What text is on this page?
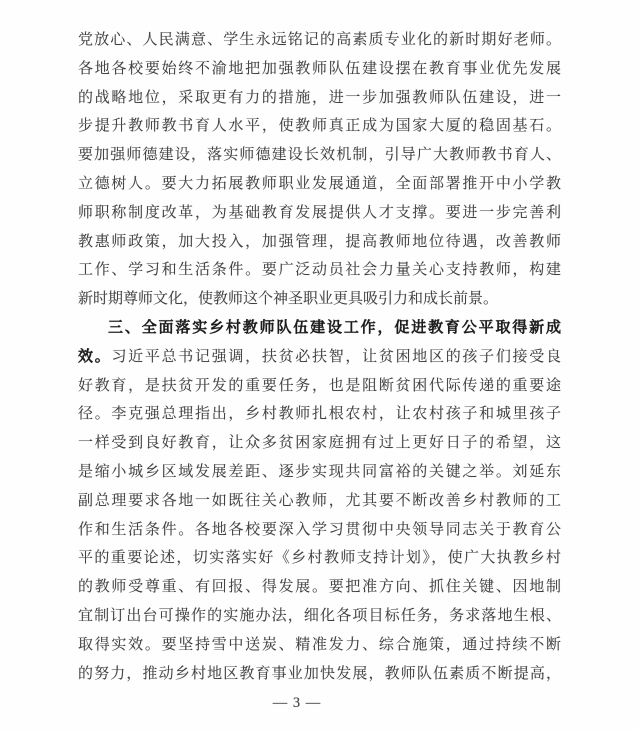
党放心、人民满意、学生永远铭记的高素质专业化的新时期好老师。
各地各校要始终不渝地把加强教师队伍建设摆在教育事业优先发展
的战略地位，采取更有力的措施，进一步加强教师队伍建设，进一
步提升教师教书育人水平，使教师真正成为国家大厦的稳固基石。
要加强师德建设，落实师德建设长效机制，引导广大教师教书育人、
立德树人。要大力拓展教师职业发展通道，全面部署推开中小学教
师职称制度改革，为基础教育发展提供人才支撑。要进一步完善利
教惠师政策，加大投入，加强管理，提高教师地位待遇，改善教师
工作、学习和生活条件。要广泛动员社会力量关心支持教师，构建
新时期尊师文化，使教师这个神圣职业更具吸引力和成长前景。
三、全面落实乡村教师队伍建设工作，促进教育公平取得新成
效。习近平总书记强调，扶贫必扶智，让贫困地区的孩子们接受良
好教育，是扶贫开发的重要任务，也是阻断贫困代际传递的重要途
径。李克强总理指出，乡村教师扎根农村，让农村孩子和城里孩子
一样受到良好教育，让众多贫困家庭拥有过上更好日子的希望，这
是缩小城乡区域发展差距、逐步实现共同富裕的关键之举。刘延东
副总理要求各地一如既往关心教师，尤其要不断改善乡村教师的工
作和生活条件。各地各校要深入学习贯彻中央领导同志关于教育公
平的重要论述，切实落实好《乡村教师支持计划》，使广大执教乡村
的教师受尊重、有回报、得发展。要把准方向、抓住关键、因地制
宜制订出台可操作的实施办法，细化各项目标任务，务求落地生根、
取得实效。要坚持雪中送炭、精准发力、综合施策，通过持续不断
的努力，推动乡村地区教育事业加快发展，教师队伍素质不断提高，
— 3 —
